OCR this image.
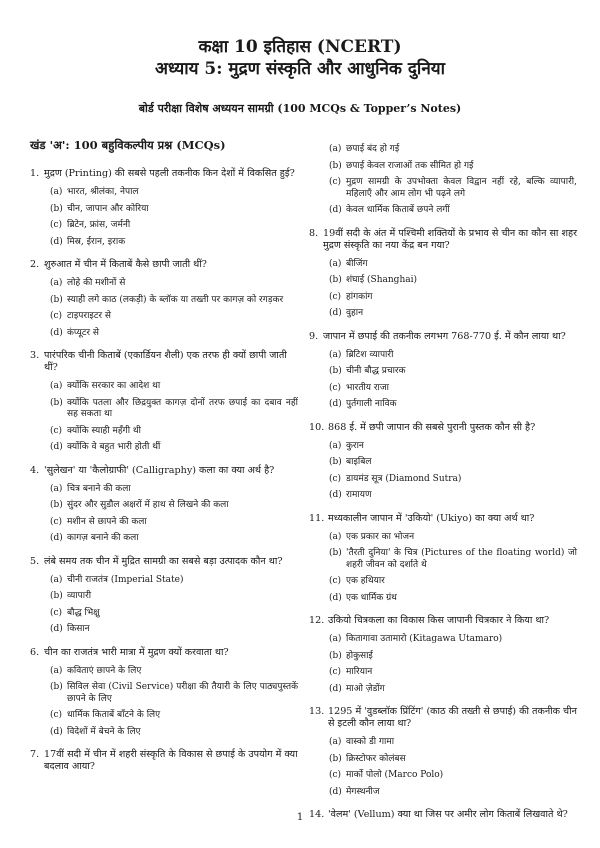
कक्षा 10 इतिहास (NCERT)
अध्याय 5: मुद्रण संस्कृति और आधुनिक दुनिया
बोर्ड परीक्षा विशेष अध्ययन सामग्री (100 MCQs & Topper’s Notes)
खंड 'अ': 100 बहुविकल्पीय प्रश्न (MCQs)
1. मुद्रण (Printing) की सबसे पहली तकनीक किन देशों में विकसित हुई?
(a) भारत, श्रीलंका, नेपाल
(b) चीन, जापान और कोरिया
(c) ब्रिटेन, फ्रांस, जर्मनी
(d) मिस्र, ईरान, इराक
2. शुरुआत में चीन में किताबें कैसे छापी जाती थीं?
(a) लोहे की मशीनों से
(b) स्याही लगे काठ (लकड़ी) के ब्लॉक या तख्ती पर कागज़ को रगड़कर
(c) टाइपराइटर से
(d) कंप्यूटर से
3. पारंपरिक चीनी किताबें (एकार्डियन शैली) एक तरफ ही क्यों छापी जाती थीं?
(a) क्योंकि सरकार का आदेश था
(b) क्योंकि पतला और छिद्रयुक्त कागज़ दोनों तरफ छपाई का दबाव नहीं सह सकता था
(c) क्योंकि स्याही महँगी थी
(d) क्योंकि वे बहुत भारी होती थीं
4. 'सुलेखन' या 'कैलोग्राफी' (Calligraphy) कला का क्या अर्थ है?
(a) चित्र बनाने की कला
(b) सुंदर और सुडौल अक्षरों में हाथ से लिखने की कला
(c) मशीन से छापने की कला
(d) कागज़ बनाने की कला
5. लंबे समय तक चीन में मुद्रित सामग्री का सबसे बड़ा उत्पादक कौन था?
(a) चीनी राजतंत्र (Imperial State)
(b) व्यापारी
(c) बौद्ध भिक्षु
(d) किसान
6. चीन का राजतंत्र भारी मात्रा में मुद्रण क्यों करवाता था?
(a) कविताएं छापने के लिए
(b) सिविल सेवा (Civil Service) परीक्षा की तैयारी के लिए पाठ्यपुस्तकें छापने के लिए
(c) धार्मिक किताबें बाँटने के लिए
(d) विदेशों में बेचने के लिए
7. 17वीं सदी में चीन में शहरी संस्कृति के विकास से छपाई के उपयोग में क्या बदलाव आया?
(a) छपाई बंद हो गई
(b) छपाई केवल राजाओं तक सीमित हो गई
(c) मुद्रण सामग्री के उपभोक्ता केवल विद्वान नहीं रहे, बल्कि व्यापारी, महिलाएँ और आम लोग भी पढ़ने लगे
(d) केवल धार्मिक किताबें छपने लगीं
8. 19वीं सदी के अंत में पश्चिमी शक्तियों के प्रभाव से चीन का कौन सा शहर मुद्रण संस्कृति का नया केंद्र बन गया?
(a) बीजिंग
(b) शंघाई (Shanghai)
(c) हांगकांग
(d) वुहान
9. जापान में छपाई की तकनीक लगभग 768-770 ई. में कौन लाया था?
(a) ब्रिटिश व्यापारी
(b) चीनी बौद्ध प्रचारक
(c) भारतीय राजा
(d) पुर्तगाली नाविक
10. 868 ई. में छपी जापान की सबसे पुरानी पुस्तक कौन सी है?
(a) कुरान
(b) बाइबिल
(c) डायमंड सूत्र (Diamond Sutra)
(d) रामायण
11. मध्यकालीन जापान में 'उकियो' (Ukiyo) का क्या अर्थ था?
(a) एक प्रकार का भोजन
(b) 'तैरती दुनिया' के चित्र (Pictures of the floating world) जो शहरी जीवन को दर्शाते थे
(c) एक हथियार
(d) एक धार्मिक ग्रंथ
12. उकियो चित्रकला का विकास किस जापानी चित्रकार ने किया था?
(a) कितागावा उतामारो (Kitagawa Utamaro)
(b) होकुसाई
(c) मारियान
(d) माओ ज़ेडोंग
13. 1295 में 'वुडब्लॉक प्रिंटिंग' (काठ की तख्ती से छपाई) की तकनीक चीन से इटली कौन लाया था?
(a) वास्को डी गामा
(b) क्रिस्टोफर कोलंबस
(c) मार्को पोलो (Marco Polo)
(d) मेगस्थनीज
14. 'वेलम' (Vellum) क्या था जिस पर अमीर लोग किताबें लिखवाते थे?
1
